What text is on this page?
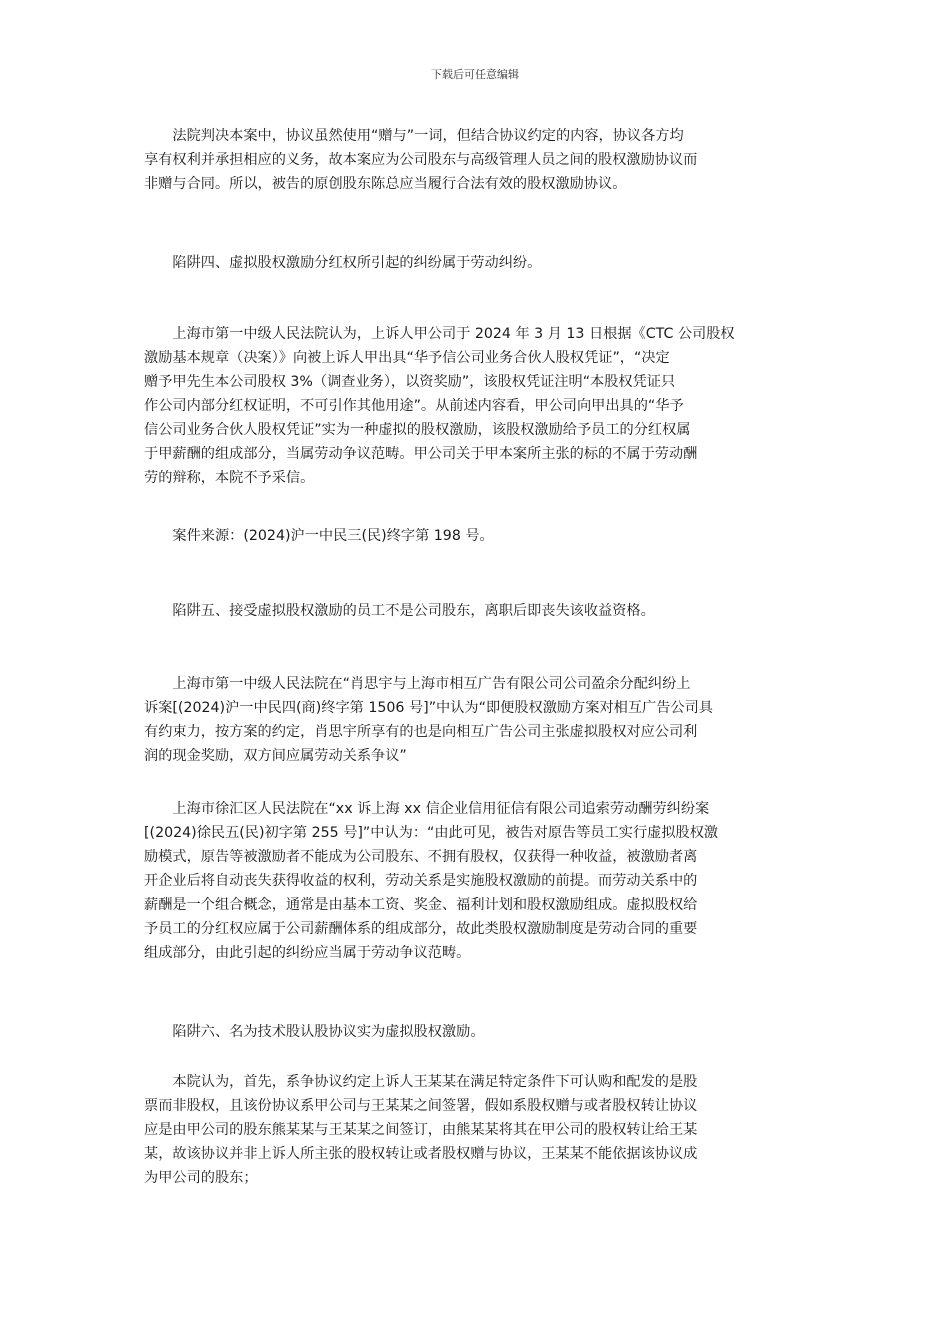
下载后可任意编辑
法院判决本案中，协议虽然使用“赠与”一词，但结合协议约定的内容，协议各方均
享有权利并承担相应的义务，故本案应为公司股东与高级管理人员之间的股权激励协议而
非赠与合同。所以，被告的原创股东陈总应当履行合法有效的股权激励协议。
陷阱四、虚拟股权激励分红权所引起的纠纷属于劳动纠纷。
上海市第一中级人民法院认为，上诉人甲公司于 2024 年 3 月 13 日根据《CTC 公司股权
激励基本规章（决案）》向被上诉人甲出具“华予信公司业务合伙人股权凭证”，“决定
赠予甲先生本公司股权 3%（调查业务），以资奖励”，该股权凭证注明“本股权凭证只
作公司内部分红权证明，不可引作其他用途”。从前述内容看，甲公司向甲出具的“华予
信公司业务合伙人股权凭证”实为一种虚拟的股权激励，该股权激励给予员工的分红权属
于甲薪酬的组成部分，当属劳动争议范畴。甲公司关于甲本案所主张的标的不属于劳动酬
劳的辩称，本院不予采信。
案件来源：(2024)沪一中民三(民)终字第 198 号。
陷阱五、接受虚拟股权激励的员工不是公司股东，离职后即丧失该收益资格。
上海市第一中级人民法院在“肖思宇与上海市相互广告有限公司公司盈余分配纠纷上
诉案[(2024)沪一中民四(商)终字第 1506 号]”中认为“即便股权激励方案对相互广告公司具
有约束力，按方案的约定，肖思宇所享有的也是向相互广告公司主张虚拟股权对应公司利
润的现金奖励，双方间应属劳动关系争议”
上海市徐汇区人民法院在“xx 诉上海 xx 信企业信用征信有限公司追索劳动酬劳纠纷案
[(2024)徐民五(民)初字第 255 号]”中认为：“由此可见，被告对原告等员工实行虚拟股权激
励模式，原告等被激励者不能成为公司股东、不拥有股权，仅获得一种收益，被激励者离
开企业后将自动丧失获得收益的权利，劳动关系是实施股权激励的前提。而劳动关系中的
薪酬是一个组合概念，通常是由基本工资、奖金、福利计划和股权激励组成。虚拟股权给
予员工的分红权应属于公司薪酬体系的组成部分，故此类股权激励制度是劳动合同的重要
组成部分，由此引起的纠纷应当属于劳动争议范畴。
陷阱六、名为技术股认股协议实为虚拟股权激励。
本院认为，首先，系争协议约定上诉人王某某在满足特定条件下可认购和配发的是股
票而非股权，且该份协议系甲公司与王某某之间签署，假如系股权赠与或者股权转让协议
应是由甲公司的股东熊某某与王某某之间签订，由熊某某将其在甲公司的股权转让给王某
某，故该协议并非上诉人所主张的股权转让或者股权赠与协议，王某某不能依据该协议成
为甲公司的股东；
